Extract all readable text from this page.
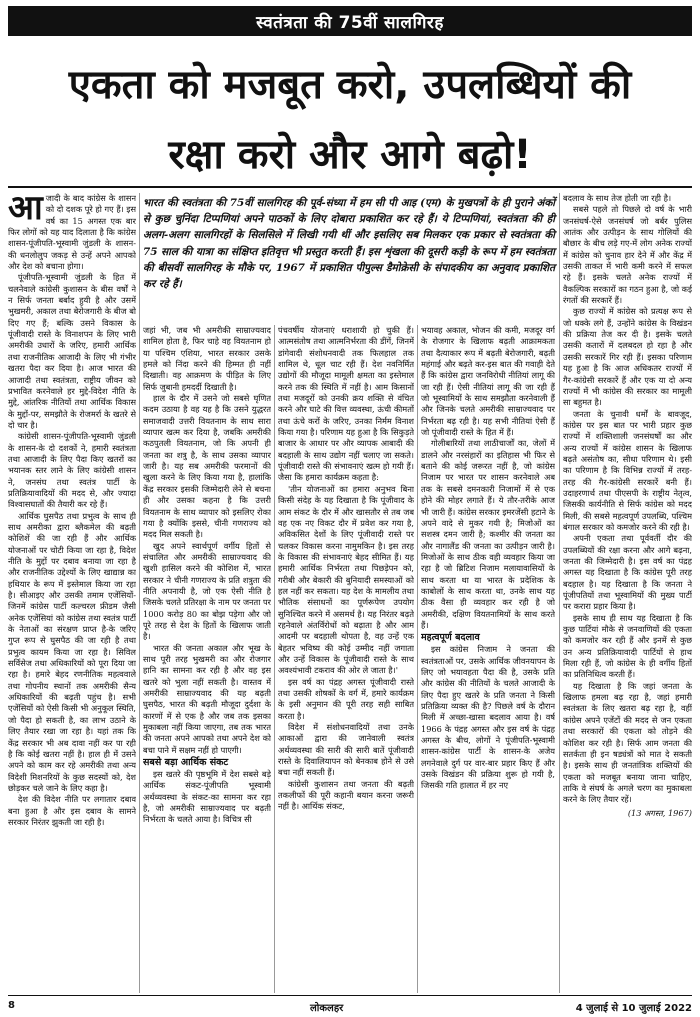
स्वतंत्रता की 75वीं सालगिरह
एकता को मजबूत करो, उपलब्धियों की
रक्षा करो और आगे बढ़ो!

आजादी के बाद कांग्रेस के शासन को दो दशक पूरे हो गए हैं। इस वर्ष का 15 अगस्त एक बार फिर लोगों को यह याद दिलाता है कि कांग्रेस शासन-पूंजीपति-भूस्वामी जुंडली के शासन-की धनलोलुप जकड़ से उन्हें अपने आपको और देश को बचाना होगा।

पूंजीपति-भूस्वामी जुंडली के हित में चलनेवाले कांग्रेसी कुशासन के बीस वर्षों ने न सिर्फ जनता बर्बाद हुयी है और उसमें भुखमरी, अकाल तथा बेरोजगारी के बीज बो दिए गए हैं; बल्कि उसने विकास के पूंजीवादी रास्ते के विनाशपन के लिए भारी अमरीकी उधारों के जरिए, हमारी आर्थिक तथा राजनीतिक आजादी के लिए भी गंभीर खतरा पैदा कर दिया है। आज भारत की आजादी तथा स्वतंत्रता, राष्ट्रीय जीवन को प्रभावित करनेवाले हर मुद्दे-विदेश नीति के मुद्दे, आंतरिक नीतियों तथा आर्थिक विकास के मुद्दों-पर, समझौते के रोजमर्रा के खतरे से दो चार है।

कांग्रेसी शासन-पूंजीपति-भूस्वामी जुंडली के शासन-के दो दशकों ने, हमारी स्वतंत्रता तथा आजादी के लिए पैदा किए खतरों का भयानक स्तर लाने के लिए कांग्रेसी शासन ने, जनसंघ तथा स्वतंत्र पार्टी के प्रतिक्रियावादियों की मदद से, और ज्यादा विश्वासघातों की तैयारी कर रहे हैं।

आर्थिक घुसपैठ तथा प्रभुत्व के साथ ही साथ अमरीका द्वारा ब्लैकमेल की बढ़ती कोशिशें की जा रही हैं और आर्थिक योजनाओं पर चोटी किया जा रहा है, विदेश नीति के मुद्दों पर दबाव बनाया जा रहा है और राजनीतिक उद्देश्यों के लिए खाद्यान्न का हथियार के रूप में इस्तेमाल किया जा रहा है। सीआइए और उसकी तमाम एजेंसियों-जिनमें कांग्रेस पार्टी कल्चरल फ्रीडम जैसी अनेक एजेंसियां को कांग्रेस तथा स्वतंत्र पार्टी के नेताओं का संरक्षण प्राप्त है-के जरिए गुप्त रूप से घुसपैठ की जा रही है तथा प्रभुत्व कायम किया जा रहा है। सिविल सर्विसेज तथा अधिकारियों को पूरा दिया जा रहा है। हमारे बेहद रणनीतिक महत्ववाले तथा गोपनीय स्थानों तक अमरीकी सैन्य अधिकारियों की बढ़ती पहुंच है। सभी एजेंसियों को ऐसी किसी भी अनुकूल स्थिति, जो पैदा हो सकती है, का लाभ उठाने के लिए तैयार रखा जा रहा है। यहां तक कि केंद्र सरकार भी अब दावा नहीं कर पा रही है कि कोई खतरा नहीं है। हाल ही में उसने अपने को काम कर रहे अमरीकी तथा अन्य विदेशी मिशनरियों के कुछ सदस्यों को, देश छोड़कर चले जाने के लिए कहा है।

देश की विदेश नीति पर लगातार दबाव बना हुआ है और इस दबाव के सामने सरकार निरंतर झुकती जा रही है।

भारत की स्वतंत्रता की 75वीं सालगिरह की पूर्व-संध्या में हम सी पी आइ (एम) के मुखपत्रों के ही पुराने अंकों से कुछ चुनिंदा टिप्पणियां अपने पाठकों के लिए दोबारा प्रकाशित कर रहे हैं। ये टिप्पणियां, स्वतंत्रता की ही अलग-अलग सालगिरहों के सिलसिले में लिखी गयी थीं और इसलिए सब मिलकर एक प्रकार से स्वतंत्रता की 75 साल की यात्रा का संक्षिप्त इतिवृत्त भी प्रस्तुत करती हैं। इस शृंखला की दूसरी कड़ी के रूप में हम स्वतंत्रता की बीसवीं सालगिरह के मौके पर, 1967 में प्रकाशित पीपुल्स डैमोक्रेसी के संपादकीय का अनुवाद प्रकाशित कर रहे हैं।

जहां भी, जब भी अमरीकी साम्राज्यवाद शामिल होता है, फिर चाहे वह वियतनाम हो या पश्चिम एशिया, भारत सरकार उसके हमले को निंदा करने की हिम्मत ही नहीं दिखाती। वह आक्रमण के पीड़ित के लिए सिर्फ जुबानी हमदर्दी दिखाती है।

हाल के दौर में उसने जो सबसे घृणित कदम उठाया है वह यह है कि उसने युद्धरत समाजवादी उत्तरी वियतनाम के साथ सारा व्यापार खत्म कर दिया है, जबकि अमरीकी कठपुतली वियतनाम, जो कि अपनी ही जनता का शत्रु है, के साथ उसका व्यापार जारी है। यह सब अमरीकी फरमानों की खुला करने के लिए किया गया है, हालांकि केंद्र सरकार इसकी जिम्मेदारी लेने से बचना ही और उसका कहना है कि उत्तरी वियतनाम के साथ व्यापार को इसलिए रोका गया है क्योंकि इससे, चीनी गणराज्य को मदद मिल सकती है।

खुद अपने स्वार्थपूर्ण वर्गीय हितों से संचालित और अमरीकी साम्राज्यवाद की खुशी हासिल करने की कोशिश में, भारत सरकार ने चीनी गणराज्य के प्रति शत्रुता की नीति अपनायी है, जो एक ऐसी नीति है जिसके चलते प्रतिरक्षा के नाम पर जनता पर 1000 करोड़ 80 का बोझ पड़ेगा और जो पूरे तरह से देश के हितों के खिलाफ जाती है।

भारत की जनता अकाल और भूख के साथ पूरी तरह भुखमरी का और रोजगार हानि का सामना कर रही है और वह इस खतरे को भुला नहीं सकती है। वास्तव में अमरीकी साम्राज्यवाद की यह बढ़ती घुसपैठ, भारत की बढ़ती मौजूदा दुर्दशा के कारणों में से एक है और जब तक इसका मुकाबला नहीं किया जाएगा, तब तक भारत की जनता अपने आपको तथा अपने देश को बचा पाने में सक्षम नहीं हो पाएगी।

सबसे बड़ा आर्थिक संकट

इस खतरे की पृष्ठभूमि में देश सबसे बड़े आर्थिक संकट-पूंजीपति भूस्वामी अर्थव्यवस्था के संकट-का सामना कर रहा है, जो अमरीकी साम्राज्यवाद पर बढ़ती निर्भरता के चलते आया है। विचित्र सी

पंचवर्षीय योजनाएं धराशायी हो चुकी हैं। आत्मसंतोष तथा आत्मनिर्भरता की डींगें, जिनमें डांगेवादी संशोधनवादी तक फिलहाल तक शामिल थे, धूल चाट रही हैं। देश नवनिर्मित उद्योगों की मौजूदा मामूली क्षमता का इस्तेमाल करने तक की स्थिति में नहीं है। आम किसानों तथा मजदूरों को उनकी क्रय शक्ति से वंचित करने और घाटे की वित्त व्यवस्था, ऊंची कीमतों तथा ऊंचे करों के जरिए, उनका निर्मम विनाश किया गया है। परिणाम यह हुआ है कि सिकुड़ते बाजार के आधार पर और व्यापक आबादी की बदहाली के साथ उद्योग नहीं चलाए जा सकते। पूंजीवादी रास्ते की संभावनाएं खत्म हो गयी हैं। जैसा कि हमारा कार्यक्रम कहता है:

'तीन योजनाओं का हमारा अनुभव बिना किसी संदेह के यह दिखाता है कि पूंजीवाद के आम संकट के दौर में और खासतौर से तब जब वह एक नए विकट दौर में प्रवेश कर गया है, अविकसित देशों के लिए पूंजीवादी रास्ते पर चलकर विकास करना नामुमकिन है। इस तरह के विकास की संभावनाएं बेहद सीमित हैं। यह हमारी आर्थिक निर्भरता तथा पिछड़ेपन को, गरीबी और बेकारी की बुनियादी समस्याओं को हल नहीं कर सकता। यह देश के मामलीय तथा भौतिक संसाधनों का पूर्णरूपेण उपयोग सुनिश्चित करने में असमर्थ है। यह निरंतर बढ़ते रहनेवाले अंतर्विरोधों को बढ़ाता है और आम आदमी पर बदहाली थोपता है, वह उन्हें एक बेहतर भविष्य की कोई उम्मीद नहीं जगाता और उन्हें विकास के पूंजीवादी रास्ते के साथ अवश्यंभावी टकराव की ओर ले जाता है।'

इस वर्ष का पंद्रह अगस्त पूंजीवादी रास्ते तथा उसकी शोषकों के वर्ग में, हमारे कार्यक्रम के इसी अनुमान की पूरी तरह सही साबित करता है।

विदेश में संशोधनवादियों तथा उनके आकाओं द्वारा की जानेवाली स्वतंत्र अर्थव्यवस्था की सारी की सारी बातें पूंजीवादी रास्ते के दिवालियापन को बेनकाब होने से उसे बचा नहीं सकती हैं।

कांग्रेसी कुशासन तथा जनता की बढ़ती तकलीफों की पूरी कहानी बयान करना जरूरी नहीं है। आर्थिक संकट,

भयावह अकाल, भोजन की कमी, मजदूर वर्ग के रोजगार के खिलाफ बढ़ती आक्रामकता तथा दैत्याकार रूप में बढ़ती बेरोजगारी, बढ़ती महंगाई और बढ़ते कर-इस बात की गवाही देते हैं कि कांग्रेस द्वारा जनविरोधी नीतियां लागू की जा रही हैं। ऐसी नीतियां लागू की जा रही हैं जो भूस्वामियों के साथ समझौता करनेवाली हैं और जिनके चलते अमरीकी साम्राज्यवाद पर निर्भरता बढ़ रही है। यह सभी नीतियां ऐसी हैं जो पूंजीवादी रास्ते के हित में हैं।

गोलीबारियों तथा लाठीचार्जों का, जेलों में डालने और नरसंहारों का इतिहास भी फिर से बताने की कोई जरूरत नहीं है, जो कांग्रेस निजाम पर भारत पर शासन करनेवाले अब तक के सबसे दमनकारी निजामों में से एक होने की मोहर लगाते हैं। ये तौर-तरीके आज भी जारी हैं। कांग्रेस सरकार इमरजेंसी हटाने के अपने वादे से मुकर गयी है; मिजोओं का सशस्त्र दमन जारी है; कश्मीर की जनता का और नागालैंड की जनता का उत्पीड़न जारी है। मिजोओं के साथ ठीक वही व्यवहार किया जा रहा है जो ब्रिटिश निजाम मलायावासियों के साथ करता था या भारत के प्रदेशिक के काबोलों के साथ करता था, उनके साथ यह ठीक वैसा ही व्यवहार कर रही है जो अमरीकी, दक्षिण वियतनामियों के साथ करते हैं।

महत्वपूर्ण बदलाव

इस कांग्रेस निजाम ने जनता की स्वतंत्रताओं पर, उसके आर्थिक जीवनयापन के लिए जो भयावहता पैदा की है, उसके प्रति और कांग्रेस की नीतियों के चलते आजादी के लिए पैदा हुए खतरे के प्रति जनता ने किसी प्रतिक्रिया व्यक्त की है? पिछले वर्ष के दौरान मिली में अच्छा-खासा बदलाव आया है। वर्ष 1966 के पंद्रह अगस्त और इस वर्ष के पंद्रह अगस्त के बीच, लोगों ने पूंजीपति-भूस्वामी शासन-कांग्रेस पार्टी के शासन-के अजेय लगनेवाले दुर्ग पर वार-बार प्रहार किए हैं और उसके विखंडन की प्रक्रिया शुरू हो गयी है, जिसकी गति हालात में हर नए

बदलाव के साथ तेज होती जा रही है।

सबसे पहले तो पिछले दो वर्ष के भारी जनसंघर्ष-ऐसे जनसंघर्ष जो बर्बर पुलिस आतंक और उत्पीड़न के साथ गोलियों की बौछार के बीच लड़े गए-में लोग अनेक राज्यों में कांग्रेस को चुनाव हार देने में और केंद्र में उसकी ताकत में भारी कमी करने में सफल रहे हैं। इसके चलते अनेक राज्यों में वैकल्पिक सरकारों का गठन हुआ है, जो कई रंगतों की सरकारें हैं।

कुछ राज्यों में कांग्रेस को प्रत्यक्ष रूप से जो धक्के लगे हैं, उन्होंने कांग्रेस के विखंडन की प्रक्रिया तेज कर दी है। इसके चलते उसकी कतारों में दलबदल हो रहा है और उसकी सरकारें गिर रही हैं। इसका परिणाम यह हुआ है कि आज अधिकतर राज्यों में गैर-कांग्रेसी सरकारें हैं और एक या दो अन्य राज्यों में भी कांग्रेस की सरकार का मामूली सा बहुमत है।

जनता के चुनावी धर्मों के बावजूद, कांग्रेस पर इस बात पर भारी प्रहार कुछ राज्यों में शक्तिशाली जनसंघर्षों का और अन्य राज्यों में कांग्रेस शासन के खिलाफ बढ़ते असंतोष का, सीधा परिणाम थे। इसी का परिणाम है कि विभिन्न राज्यों में तरह-तरह की गैर-कांग्रेसी सरकारें बनी हैं। उदाहरणार्थ तथा पीएसपी के राष्ट्रीय नेतृत्व, जिसकी कार्यनीति से सिर्फ कांग्रेस को मदद मिली, की सबसे महत्वपूर्ण उपलब्धि, पश्चिम बंगाल सरकार को कमजोर करने की रही है।

अपनी एकता तथा पूर्ववर्ती दौर की उपलब्धियों की रक्षा करना और आगे बढ़ना, जनता की जिम्मेदारी है। इस वर्ष का पंद्रह अगस्त यह दिखाता है कि कांग्रेस पूरी तरह बदहाल है। यह दिखाता है कि जनता ने पूंजीपतियों तथा भूस्वामियों की मुख्य पार्टी पर करारा प्रहार किया है।

इसके साथ ही साथ यह दिखाता है कि कुछ पार्टियां मौके से जनवाणियों की एकता को कमजोर कर रही हैं और इनमें से कुछ उन अन्य प्रतिक्रियावादी पार्टियों से हाथ मिला रही हैं, जो कांग्रेस के ही वर्गीय हितों का प्रतिनिधित्व करती हैं।

यह दिखाता है कि जहां जनता के खिलाफ हमला बढ़ रहा है, जहां हमारी स्वतंत्रता के लिए खतरा बढ़ रहा है, वहीं कांग्रेस अपने एजेंटों की मदद से जन एकता तथा सरकारों की एकता को तोड़ने की कोशिश कर रही है। सिर्फ आम जनता की सतर्कता ही इन षड्यंत्रों को मात दे सकती है। इसके साथ ही जनतांत्रिक शक्तियों की एकता को मजबूत बनाया जाना चाहिए, ताकि वे संघर्ष के अगले चरण का मुकाबला करने के लिए तैयार रहें।

(13 अगस्त, 1967)

8	लोकलहर	4 जुलाई से 10 जुलाई 2022
